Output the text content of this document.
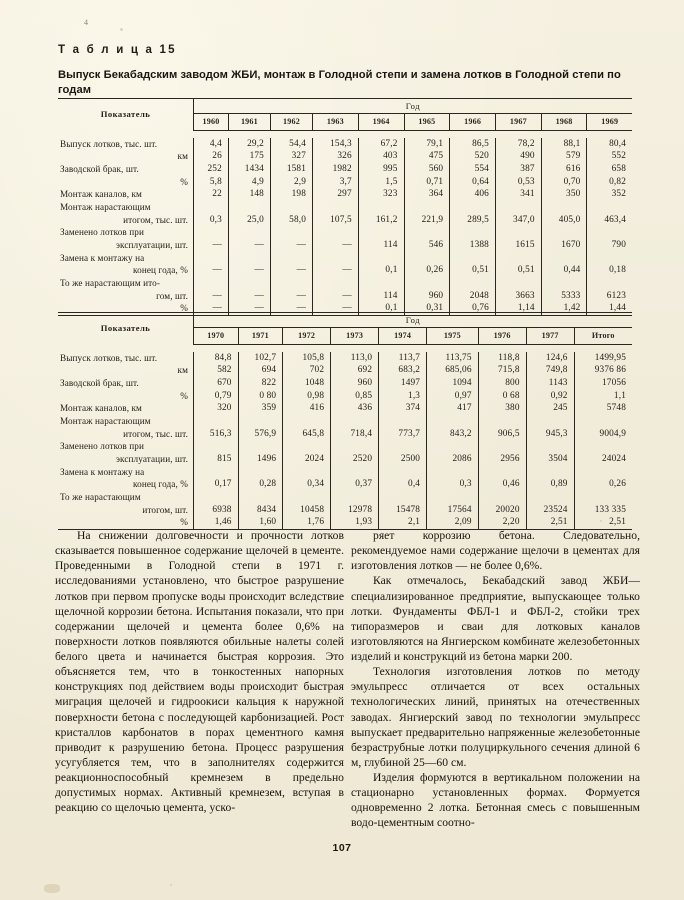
4
Т а б л и ц а 15
Выпуск Бекабадским заводом ЖБИ, монтаж в Голодной степи и замена лотков в Голодной степи по годам
Показатель	Год									
	1960	1961	1962	1963	1964	1965	1966	1967	1968	1969

Выпуск лотков, тыс. шт.	4,4	29,2	54,4	154,3	67,2	79,1	86,5	78,2	88,1	80,4
км	26	175	327	326	403	475	520	490	579	552
Заводской брак, шт.	252	1434	1581	1982	995	560	554	387	616	658
%	5,8	4,9	2,9	3,7	1,5	0,71	0,64	0,53	0,70	0,82
Монтаж каналов, км	22	148	198	297	323	364	406	341	350	352
Монтаж нарастающим										
итогом, тыс. шт.	0,3	25,0	58,0	107,5	161,2	221,9	289,5	347,0	405,0	463,4
Заменено лотков при										
эксплуатации, шт.	—	—	—	—	114	546	1388	1615	1670	790
Замена к монтажу на										
конец года, %	—	—	—	—	0,1	0,26	0,51	0,51	0,44	0,18
То же нарастающим ито-										
гом, шт.	—	—	—	—	114	960	2048	3663	5333	6123
%	—	—	—	—	0,1	0,31	0,76	1,14	1,42	1,44
Показатель	Год								
	1970	1971	1972	1973	1974	1975	1976	1977	Итого

Выпуск лотков, тыс. шт.	84,8	102,7	105,8	113,0	113,7	113,75	118,8	124,6	1499,95
км	582	694	702	692	683,2	685,06	715,8	749,8	9376 86
Заводской брак, шт.	670	822	1048	960	1497	1094	800	1143	17056
%	0,79	0 80	0,98	0,85	1,3	0,97	0 68	0,92	1,1
Монтаж каналов, км	320	359	416	436	374	417	380	245	5748
Монтаж нарастающим									
итогом, тыс. шт.	516,3	576,9	645,8	718,4	773,7	843,2	906,5	945,3	9004,9
Заменено лотков при									
эксплуатации, шт.	815	1496	2024	2520	2500	2086	2956	3504	24024
Замена к монтажу на									
конец года, %	0,17	0,28	0,34	0,37	0,4	0,3	0,46	0,89	0,26
То же нарастающим									
итогом, шт.	6938	8434	10458	12978	15478	17564	20020	23524	133 335
%	1,46	1,60	1,76	1,93	2,1	2,09	2,20	2,51	2,51

На снижении долговечности и прочности лотков сказывается повышенное содержание щелочей в цементе. Проведенными в Голодной степи в 1971 г. исследованиями установлено, что быстрое разрушение лотков при первом пропуске воды происходит вследствие щелочной коррозии бетона. Испытания показали, что при содержании щелочей и цемента более 0,6% на поверхности лотков появляются обильные налеты солей белого цвета и начинается быстрая коррозия. Это объясняется тем, что в тонкостенных напорных конструкциях под действием воды происходит быстрая миграция щелочей и гидроокиси кальция к наружной поверхности бетона с последующей карбонизацией. Рост кристаллов карбонатов в порах цементного камня приводит к разрушению бетона. Процесс разрушения усугубляется тем, что в заполнителях содержится реакционноспособный кремнезем в предельно допустимых нормах. Активный кремнезем, вступая в реакцию со щелочью цемента, уско-

ряет коррозию бетона. Следовательно, рекомендуемое нами содержание щелочи в цементах для изготовления лотков — не более 0,6%.

Как отмечалось, Бекабадский завод ЖБИ—специализированное предприятие, выпускающее только лотки. Фундаменты ФБЛ-1 и ФБЛ-2, стойки трех типоразмеров и сваи для лотковых каналов изготовляются на Янгиерском комбинате железобетонных изделий и конструкций из бетона марки 200.

Технология изготовления лотков по методу эмульпресс отличается от всех остальных технологических линий, принятых на отечественных заводах. Янгиерский завод по технологии эмульпресс выпускает предварительно напряженные железобетонные безраструбные лотки полуциркульного сечения длиной 6 м, глубиной 25—60 см.

Изделия формуются в вертикальном положении на стационарно установленных формах. Формуется одновременно 2 лотка. Бетонная смесь с повышенным водо-цементным соотно-

107
